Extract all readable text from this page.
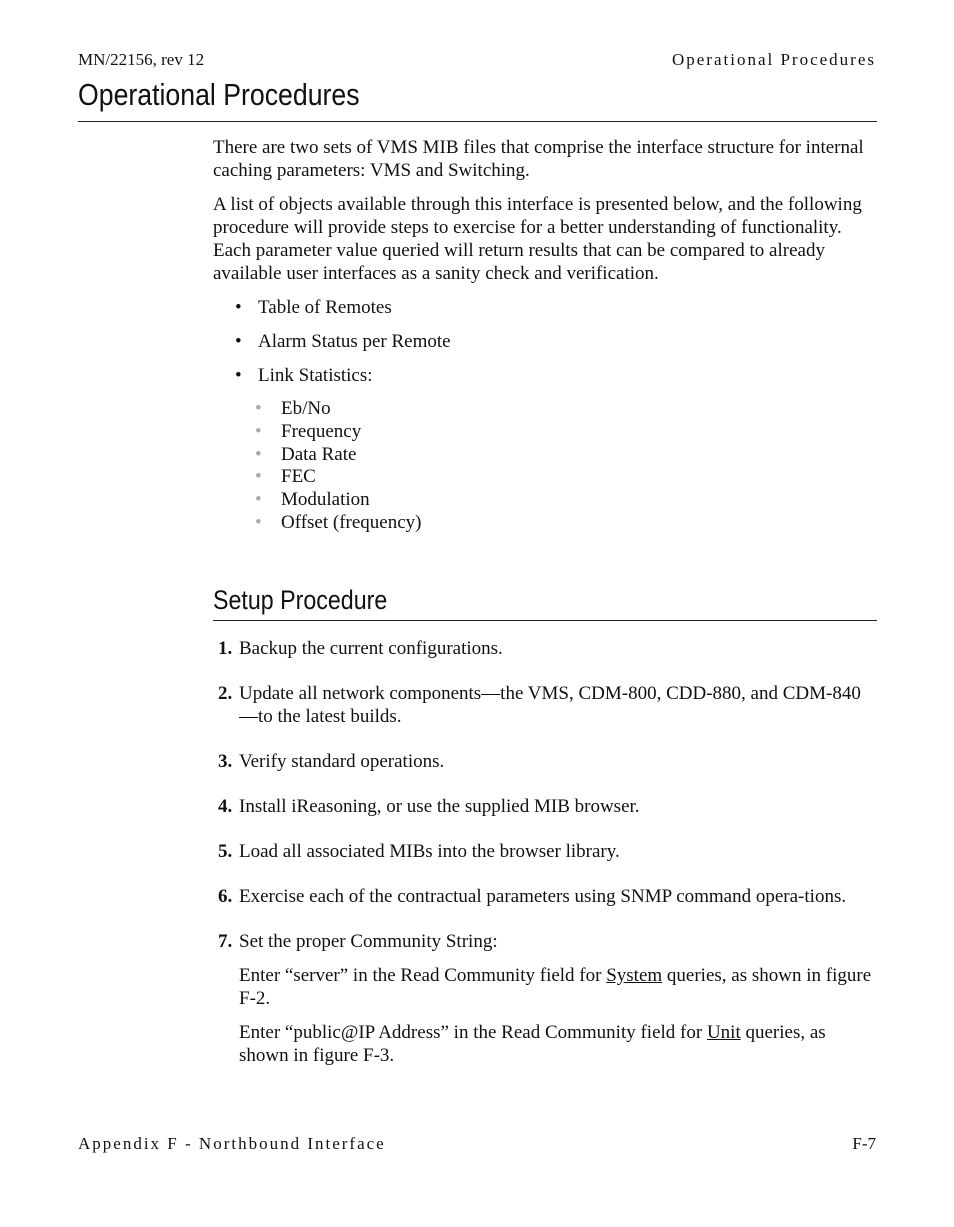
MN/22156, rev 12	Operational Procedures
Operational Procedures

There are two sets of VMS MIB files that comprise the interface structure for internal caching parameters: VMS and Switching.

A list of objects available through this interface is presented below, and the following procedure will provide steps to exercise for a better understanding of functionality. Each parameter value queried will return results that can be compared to already available user interfaces as a sanity check and verification.

• Table of Remotes
• Alarm Status per Remote
• Link Statistics:
• Eb/No
• Frequency
• Data Rate
• FEC
• Modulation
• Offset (frequency)
Setup Procedure
1. Backup the current configurations.
2. Update all network components—the VMS, CDM-800, CDD-880, and CDM-840—to the latest builds.
3. Verify standard operations.
4. Install iReasoning, or use the supplied MIB browser.
5. Load all associated MIBs into the browser library.
6. Exercise each of the contractual parameters using SNMP command opera-tions.
7. Set the proper Community String:

Enter “server” in the Read Community field for System queries, as shown in figure F-2.

Enter “public@IP Address” in the Read Community field for Unit queries, as shown in figure F-3.

Appendix F - Northbound Interface	F-7
